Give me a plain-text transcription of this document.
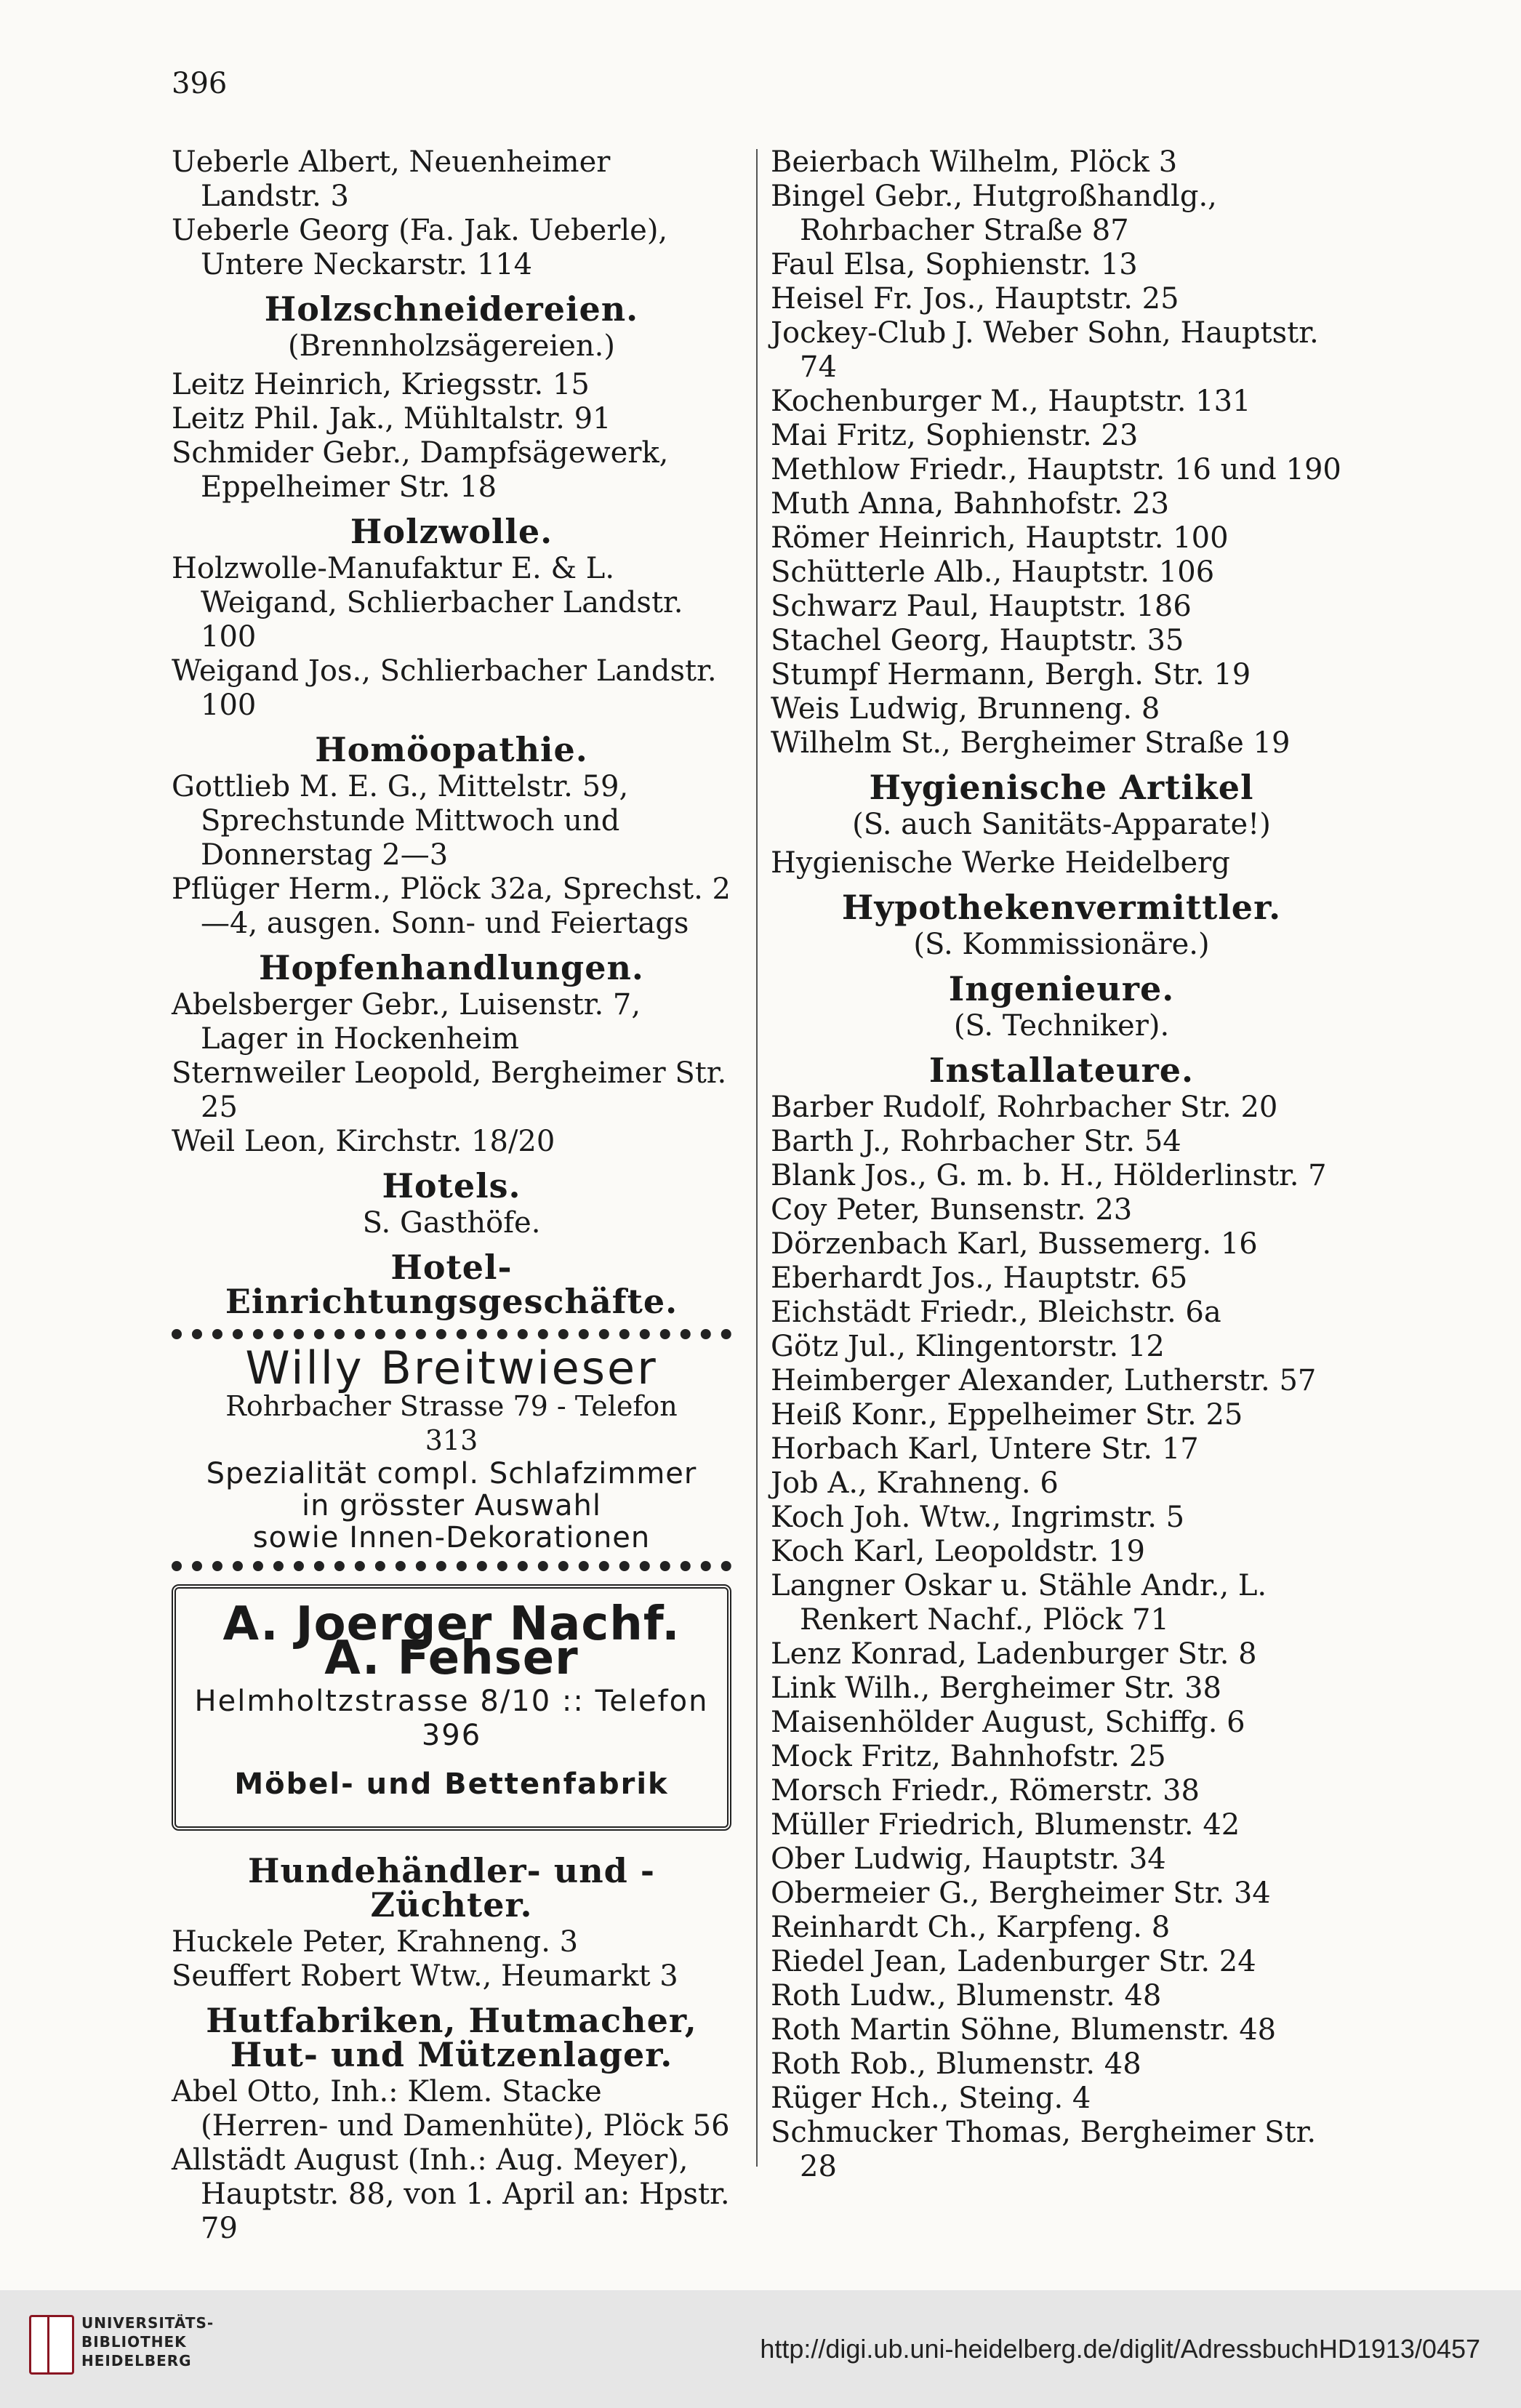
396

Ueberle Albert, Neuenheimer Landstr. 3

Ueberle Georg (Fa. Jak. Ueberle), Untere Neckarstr. 114

Holzschneidereien.
(Brennholzsägereien.)

Leitz Heinrich, Kriegsstr. 15

Leitz Phil. Jak., Mühltalstr. 91

Schmider Gebr., Dampfsägewerk, Eppelheimer Str. 18

Holzwolle.

Holzwolle-Manufaktur E. & L. Weigand, Schlierbacher Landstr. 100

Weigand Jos., Schlierbacher Landstr. 100

Homöopathie.

Gottlieb M. E. G., Mittelstr. 59, Sprechstunde Mittwoch und Donnerstag 2—3

Pflüger Herm., Plöck 32a, Sprechst. 2—4, ausgen. Sonn- und Feiertags

Hopfenhandlungen.

Abelsberger Gebr., Luisenstr. 7, Lager in Hockenheim

Sternweiler Leopold, Bergheimer Str. 25

Weil Leon, Kirchstr. 18/20

Hotels.
S. Gasthöfe.
Hotel-Einrichtungsgeschäfte.
Willy Breitwieser
Rohrbacher Strasse 79 - Telefon 313
Spezialität compl. Schlafzimmer
in grösster Auswahl
sowie Innen-Dekorationen
A. Joerger Nachf. A. Fehser
Helmholtzstrasse 8/10 :: Telefon 396
Möbel- und Bettenfabrik
Hundehändler- und -Züchter.

Huckele Peter, Krahneng. 3

Seuffert Robert Wtw., Heumarkt 3

Hutfabriken, Hutmacher, Hut- und Mützenlager.

Abel Otto, Inh.: Klem. Stacke (Herren- und Damenhüte), Plöck 56

Allstädt August (Inh.: Aug. Meyer), Hauptstr. 88, von 1. April an: Hpstr. 79

Beierbach Wilhelm, Plöck 3

Bingel Gebr., Hutgroßhandlg., Rohrbacher Straße 87

Faul Elsa, Sophienstr. 13

Heisel Fr. Jos., Hauptstr. 25

Jockey-Club J. Weber Sohn, Hauptstr. 74

Kochenburger M., Hauptstr. 131

Mai Fritz, Sophienstr. 23

Methlow Friedr., Hauptstr. 16 und 190

Muth Anna, Bahnhofstr. 23

Römer Heinrich, Hauptstr. 100

Schütterle Alb., Hauptstr. 106

Schwarz Paul, Hauptstr. 186

Stachel Georg, Hauptstr. 35

Stumpf Hermann, Bergh. Str. 19

Weis Ludwig, Brunneng. 8

Wilhelm St., Bergheimer Straße 19

Hygienische Artikel
(S. auch Sanitäts-Apparate!)

Hygienische Werke Heidelberg

Hypothekenvermittler.
(S. Kommissionäre.)
Ingenieure.
(S. Techniker).
Installateure.

Barber Rudolf, Rohrbacher Str. 20

Barth J., Rohrbacher Str. 54

Blank Jos., G. m. b. H., Hölderlinstr. 7

Coy Peter, Bunsenstr. 23

Dörzenbach Karl, Bussemerg. 16

Eberhardt Jos., Hauptstr. 65

Eichstädt Friedr., Bleichstr. 6a

Götz Jul., Klingentorstr. 12

Heimberger Alexander, Lutherstr. 57

Heiß Konr., Eppelheimer Str. 25

Horbach Karl, Untere Str. 17

Job A., Krahneng. 6

Koch Joh. Wtw., Ingrimstr. 5

Koch Karl, Leopoldstr. 19

Langner Oskar u. Stähle Andr., L. Renkert Nachf., Plöck 71

Lenz Konrad, Ladenburger Str. 8

Link Wilh., Bergheimer Str. 38

Maisenhölder August, Schiffg. 6

Mock Fritz, Bahnhofstr. 25

Morsch Friedr., Römerstr. 38

Müller Friedrich, Blumenstr. 42

Ober Ludwig, Hauptstr. 34

Obermeier G., Bergheimer Str. 34

Reinhardt Ch., Karpfeng. 8

Riedel Jean, Ladenburger Str. 24

Roth Ludw., Blumenstr. 48

Roth Martin Söhne, Blumenstr. 48

Roth Rob., Blumenstr. 48

Rüger Hch., Steing. 4

Schmucker Thomas, Bergheimer Str. 28

UNIVERSITÄTS-
BIBLIOTHEK
HEIDELBERG	http://digi.ub.uni-heidelberg.de/diglit/AdressbuchHD1913/0457
